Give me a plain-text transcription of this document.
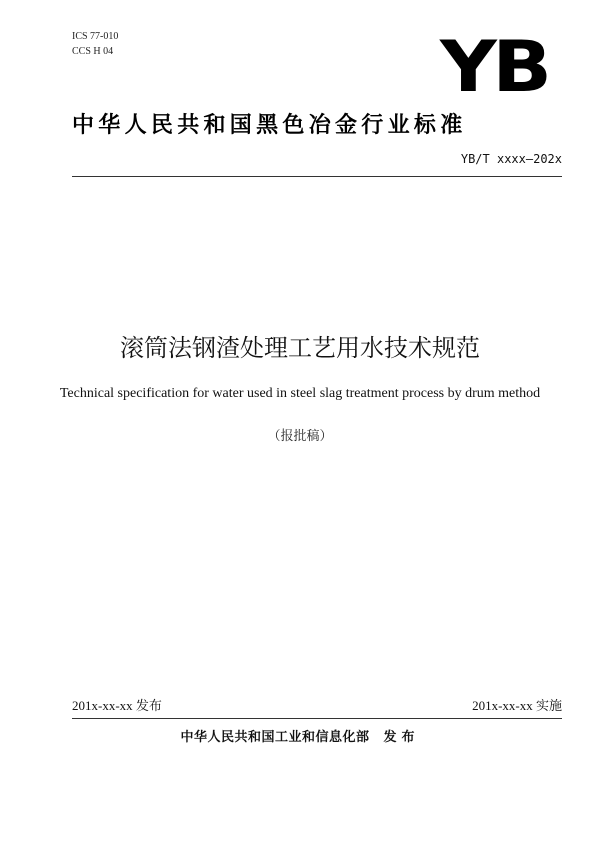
ICS 77-010
CCS H 04	YB
中华人民共和国黑色冶金行业标准
YB/T xxxx—202x
滚筒法钢渣处理工艺用水技术规范
Technical specification for water used in steel slag treatment process by drum method
（报批稿）
201x-xx-xx 发布	201x-xx-xx 实施
中华人民共和国工业和信息化部 发布
